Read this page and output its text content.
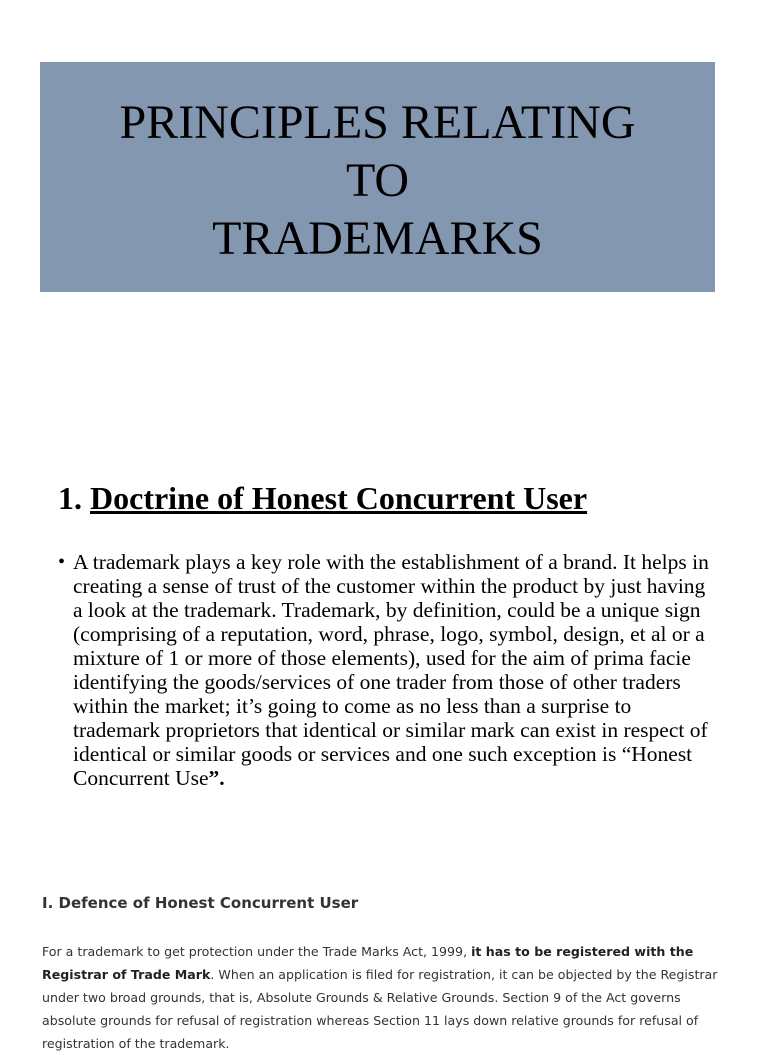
PRINCIPLES RELATING
TO
TRADEMARKS
1. Doctrine of Honest Concurrent User
• A trademark plays a key role with the establishment of a brand. It helps in creating a sense of trust of the customer within the product by just having a look at the trademark. Trademark, by definition, could be a unique sign (comprising of a reputation, word, phrase, logo, symbol, design, et al or a mixture of 1 or more of those elements), used for the aim of prima facie identifying the goods/services of one trader from those of other traders within the market; it’s going to come as no less than a surprise to trademark proprietors that identical or similar mark can exist in respect of identical or similar goods or services and one such exception is “Honest Concurrent Use”.
I. Defence of Honest Concurrent User
For a trademark to get protection under the Trade Marks Act, 1999, it has to be registered with the Registrar of Trade Mark. When an application is filed for registration, it can be objected by the Registrar under two broad grounds, that is, Absolute Grounds & Relative Grounds. Section 9 of the Act governs absolute grounds for refusal of registration whereas Section 11 lays down relative grounds for refusal of registration of the trademark.
